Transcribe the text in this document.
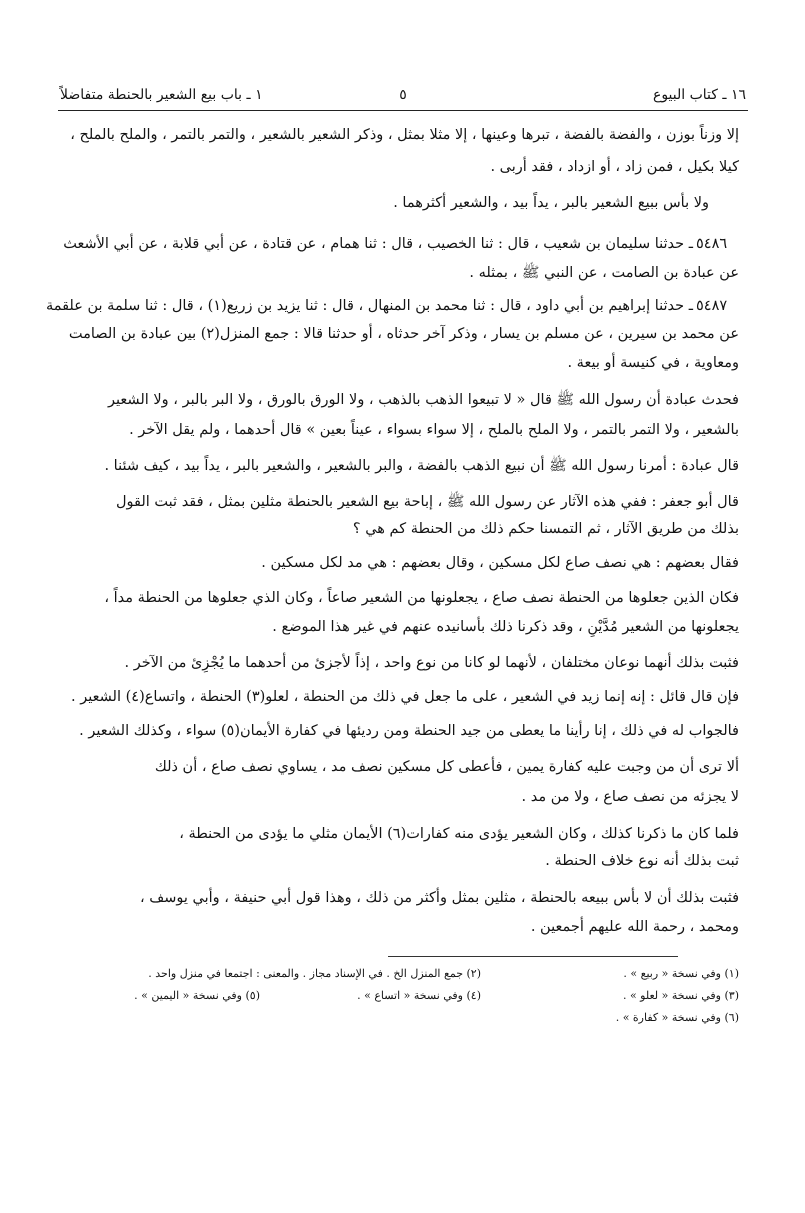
١٦ ـ كتاب البيوع
٥
١ ـ باب بيع الشعير بالحنطة متفاضلاً
إلا وزناً بوزن ، والفضة بالفضة ، تبرها وعينها ، إلا مثلا بمثل ، وذكر الشعير بالشعير ، والتمر بالتمر ، والملح بالملح ،
كيلا بكيل ، فمن زاد ، أو ازداد ، فقد أربى .
ولا بأس ببيع الشعير بالبر ، يداً بيد ، والشعير أكثرهما .
٥٤٨٦
ـ حدثنا سليمان بن شعيب ، قال : ثنا الخصيب ، قال : ثنا همام ، عن قتادة ، عن أبي قلابة ، عن أبي الأشعث
عن عبادة بن الصامت ، عن النبي ﷺ ، بمثله .
٥٤٨٧
ـ حدثنا إبراهيم بن أبي داود ، قال : ثنا محمد بن المنهال ، قال : ثنا يزيد بن زريع(١) ، قال : ثنا سلمة بن علقمة
عن محمد بن سيرين ، عن مسلم بن يسار ، وذكر آخر حدثاه ، أو حدثنا قالا : جمع المنزل(٢) بين عبادة بن الصامت
ومعاوية ، في كنيسة أو بيعة .
فحدث عبادة أن رسول الله ﷺ قال « لا تبيعوا الذهب بالذهب ، ولا الورق بالورق ، ولا البر بالبر ، ولا الشعير
بالشعير ، ولا التمر بالتمر ، ولا الملح بالملح ، إلا سواء بسواء ، عيناً بعين » قال أحدهما ، ولم يقل الآخر .
قال عبادة : أمرنا رسول الله ﷺ أن نبيع الذهب بالفضة ، والبر بالشعير ، والشعير بالبر ، يداً بيد ، كيف شئنا .
قال أبو جعفر : ففي هذه الآثار عن رسول الله ﷺ ، إباحة بيع الشعير بالحنطة مثلين بمثل ، فقد ثبت القول
بذلك من طريق الآثار ، ثم التمسنا حكم ذلك من الحنطة كم هي ؟
فقال بعضهم : هي نصف صاع لكل مسكين ، وقال بعضهم : هي مد لكل مسكين .
فكان الذين جعلوها من الحنطة نصف صاع ، يجعلونها من الشعير صاعاً ، وكان الذي جعلوها من الحنطة مداً ،
يجعلونها من الشعير مُدَّيْنِ ، وقد ذكرنا ذلك بأسانيده عنهم في غير هذا الموضع .
فثبت بذلك أنهما نوعان مختلفان ، لأنهما لو كانا من نوع واحد ، إذاً لأجزئ من أحدهما ما يُجْزِئ من الآخر .
فإن قال قائل : إنه إنما زيد في الشعير ، على ما جعل في ذلك من الحنطة ، لعلو(٣) الحنطة ، واتساع(٤) الشعير .
فالجواب له في ذلك ، إنا رأينا ما يعطى من جيد الحنطة ومن رديئها في كفارة الأيمان(٥) سواء ، وكذلك الشعير .
ألا ترى أن من وجبت عليه كفارة يمين ، فأعطى كل مسكين نصف مد ، يساوي نصف صاع ، أن ذلك
لا يجزئه من نصف صاع ، ولا من مد .
فلما كان ما ذكرنا كذلك ، وكان الشعير يؤدى منه كفارات(٦) الأيمان مثلي ما يؤدى من الحنطة ،
ثبت بذلك أنه نوع خلاف الحنطة .
فثبت بذلك أن لا بأس ببيعه بالحنطة ، مثلين بمثل وأكثر من ذلك ، وهذا قول أبي حنيفة ، وأبي يوسف ،
ومحمد ، رحمة الله عليهم أجمعين .
(١) وفي نسخة « ربيع » .
(٢) جمع المنزل الخ . في الإسناد مجاز . والمعنى : اجتمعا في منزل واحد .
(٣) وفي نسخة « لعلو » .
(٤) وفي نسخة « اتساع » .
(٥) وفي نسخة « اليمين » .
(٦) وفي نسخة « كفارة » .
